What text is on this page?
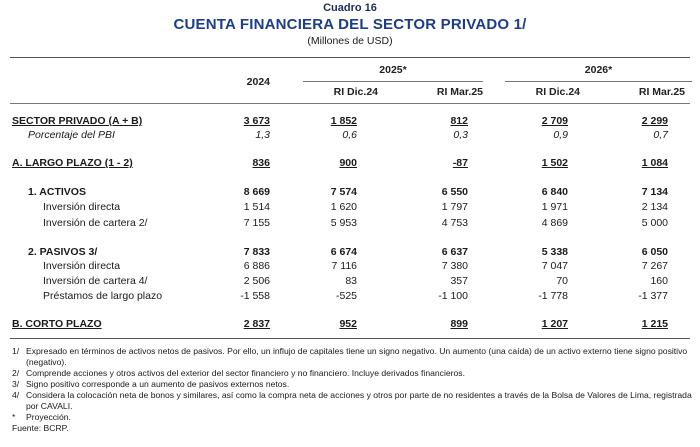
Cuadro 16
CUENTA FINANCIERA DEL SECTOR PRIVADO 1/
(Millones de USD)
2024
2025*	2026*
RI Dic.24	RI Mar.25	RI Dic.24	RI Mar.25
SECTOR PRIVADO (A + B)	3 673	1 852	812	2 709	2 299
Porcentaje del PBI	1,3	0,6	0,3	0,9	0,7
A. LARGO PLAZO (1 - 2)	836	900	-87	1 502	1 084
1. ACTIVOS	8 669	7 574	6 550	6 840	7 134
Inversión directa	1 514	1 620	1 797	1 971	2 134
Inversión de cartera 2/	7 155	5 953	4 753	4 869	5 000
2. PASIVOS 3/	7 833	6 674	6 637	5 338	6 050
Inversión directa	6 886	7 116	7 380	7 047	7 267
Inversión de cartera 4/	2 506	83	357	70	160
Préstamos de largo plazo	-1 558	-525	-1 100	-1 778	-1 377
B. CORTO PLAZO	2 837	952	899	1 207	1 215
1/ Expresado en términos de activos netos de pasivos. Por ello, un influjo de capitales tiene un signo negativo. Un aumento (una caída) de un activo externo tiene signo positivo (negativo).
2/ Comprende acciones y otros activos del exterior del sector financiero y no financiero. Incluye derivados financieros.
3/ Signo positivo corresponde a un aumento de pasivos externos netos.
4/ Considera la colocación neta de bonos y similares, así como la compra neta de acciones y otros por parte de no residentes a través de la Bolsa de Valores de Lima, registrada por CAVALI.
* Proyección.
Fuente: BCRP.
